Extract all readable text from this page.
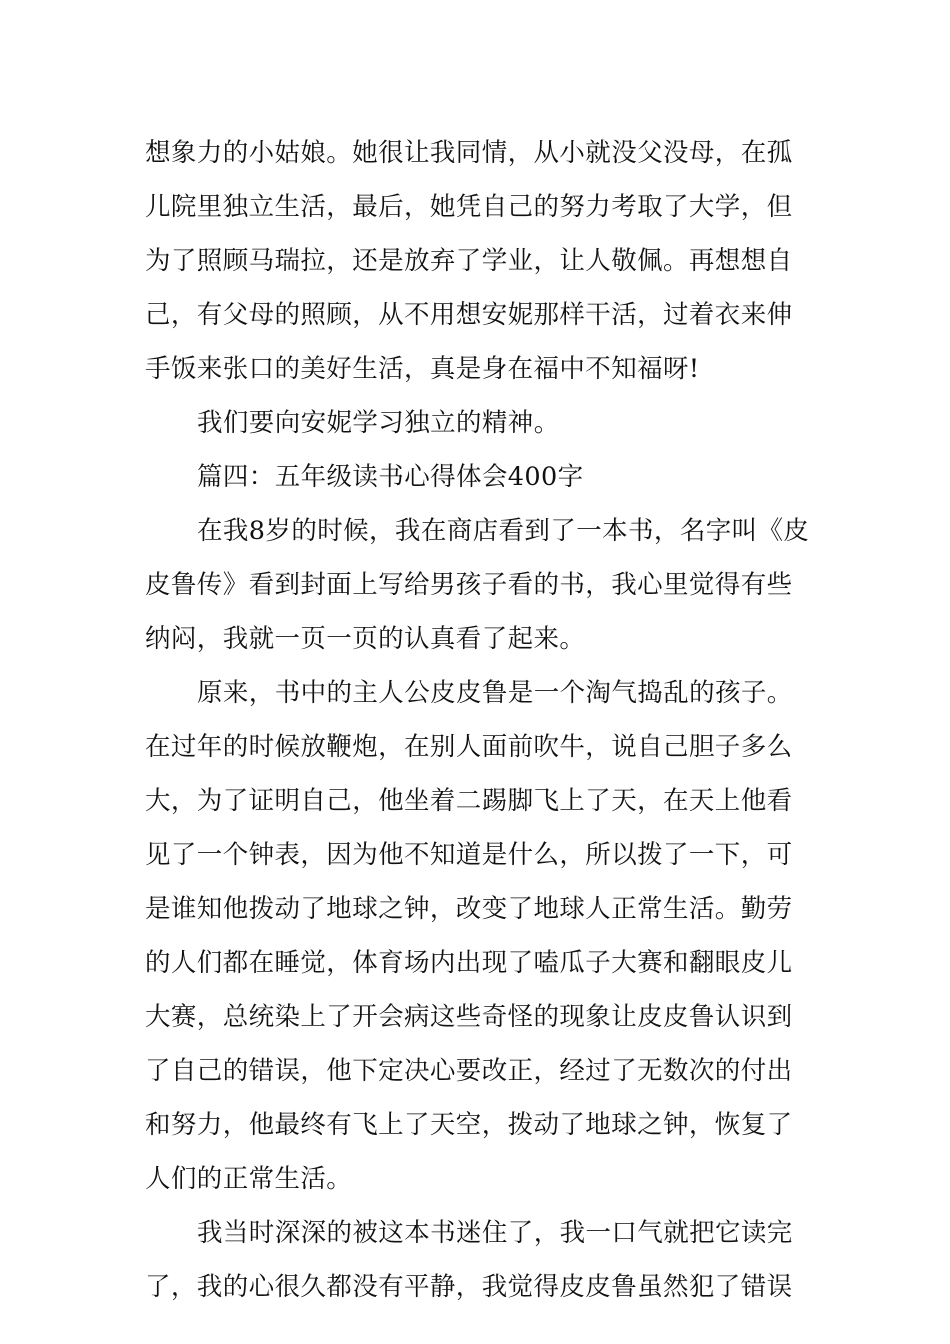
想象力的小姑娘。她很让我同情，从小就没父没母，在孤
儿院里独立生活，最后，她凭自己的努力考取了大学，但
为了照顾马瑞拉，还是放弃了学业，让人敬佩。再想想自
己，有父母的照顾，从不用想安妮那样干活，过着衣来伸
手饭来张口的美好生活，真是身在福中不知福呀!
我们要向安妮学习独立的精神。
篇四：五年级读书心得体会400字
在我8岁的时候，我在商店看到了一本书，名字叫《皮
皮鲁传》看到封面上写给男孩子看的书，我心里觉得有些
纳闷，我就一页一页的认真看了起来。
原来，书中的主人公皮皮鲁是一个淘气捣乱的孩子。
在过年的时候放鞭炮，在别人面前吹牛，说自己胆子多么
大，为了证明自己，他坐着二踢脚飞上了天，在天上他看
见了一个钟表，因为他不知道是什么，所以拨了一下，可
是谁知他拨动了地球之钟，改变了地球人正常生活。勤劳
的人们都在睡觉，体育场内出现了嗑瓜子大赛和翻眼皮儿
大赛，总统染上了开会病这些奇怪的现象让皮皮鲁认识到
了自己的错误，他下定决心要改正，经过了无数次的付出
和努力，他最终有飞上了天空，拨动了地球之钟，恢复了
人们的正常生活。
我当时深深的被这本书迷住了，我一口气就把它读完
了，我的心很久都没有平静，我觉得皮皮鲁虽然犯了错误
